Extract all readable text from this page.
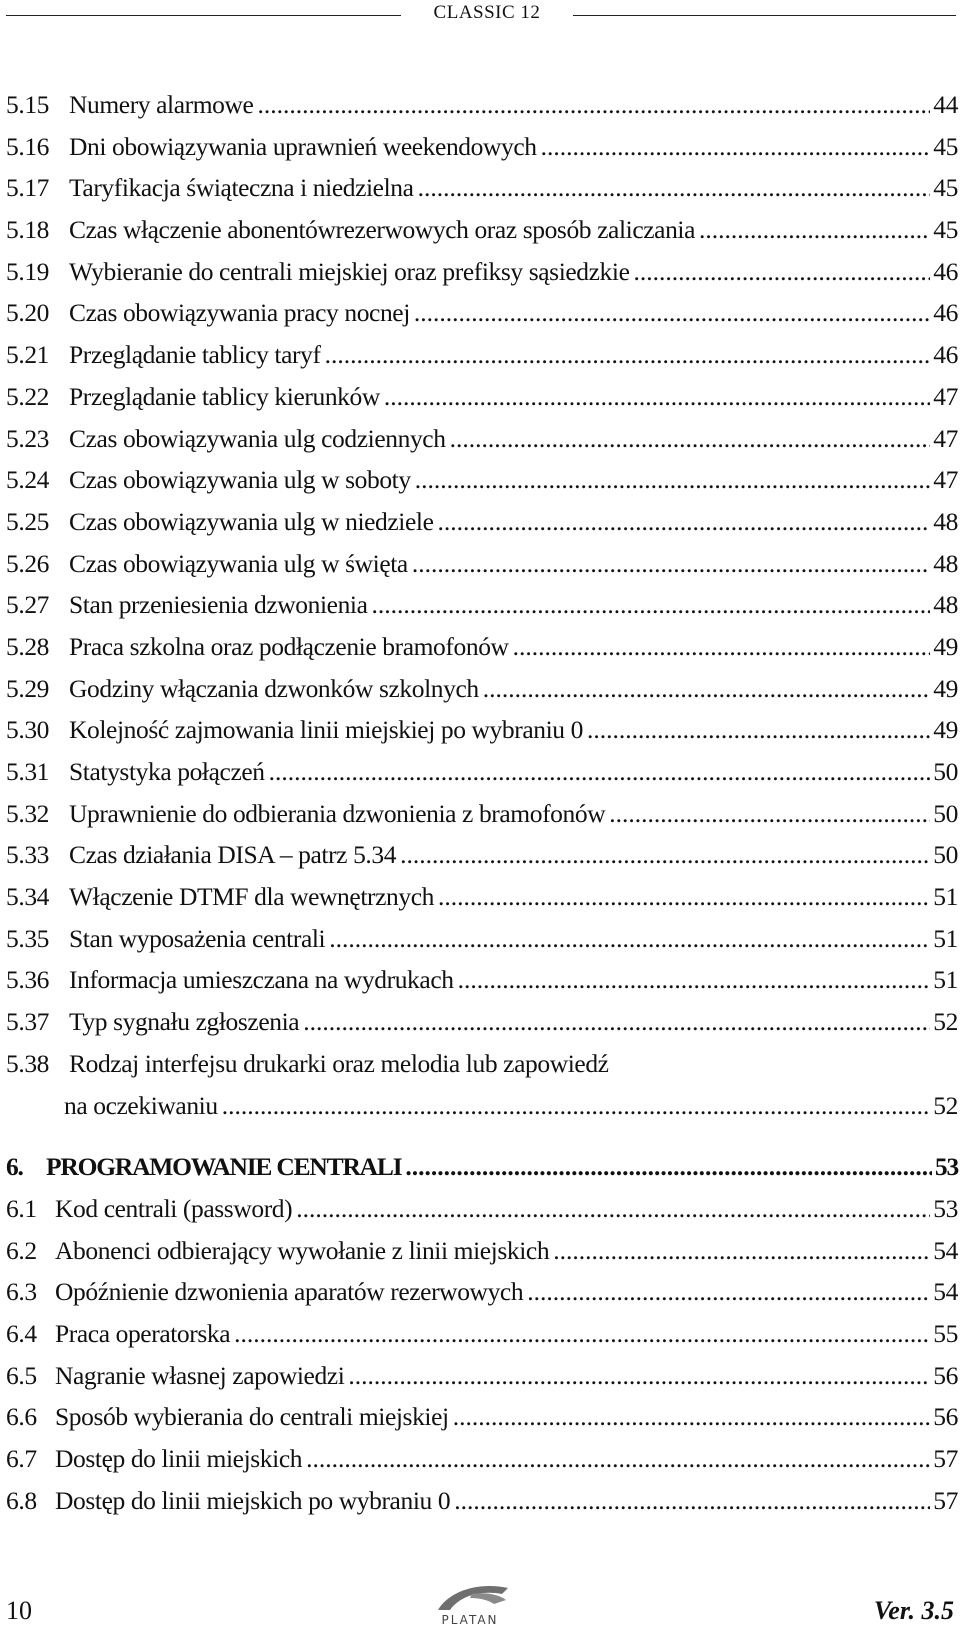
CLASSIC 12
5.15 Numery alarmowe .....	44
5.16 Dni obowiązywania uprawnień weekendowych .....	45
5.17 Taryfikacja świąteczna i niedzielna .....	45
5.18 Czas włączenie abonentówrezerwowych oraz sposób zaliczania .....	45
5.19 Wybieranie do centrali miejskiej oraz prefiksy sąsiedzkie .....	46
5.20 Czas obowiązywania pracy nocnej .....	46
5.21 Przeglądanie tablicy taryf .....	46
5.22 Przeglądanie tablicy kierunków .....	47
5.23 Czas obowiązywania ulg codziennych .....	47
5.24 Czas obowiązywania ulg w soboty .....	47
5.25 Czas obowiązywania ulg w niedziele .....	48
5.26 Czas obowiązywania ulg w święta .....	48
5.27 Stan przeniesienia dzwonienia .....	48
5.28 Praca szkolna oraz podłączenie bramofonów .....	49
5.29 Godziny włączania dzwonków szkolnych .....	49
5.30 Kolejność zajmowania linii miejskiej po wybraniu 0 .....	49
5.31 Statystyka połączeń .....	50
5.32 Uprawnienie do odbierania dzwonienia z bramofonów .....	50
5.33 Czas działania DISA – patrz 5.34 .....	50
5.34 Włączenie DTMF dla wewnętrznych .....	51
5.35 Stan wyposażenia centrali .....	51
5.36 Informacja umieszczana na wydrukach .....	51
5.37 Typ sygnału zgłoszenia .....	52
5.38 Rodzaj interfejsu drukarki oraz melodia lub zapowiedź
na oczekiwaniu .....	52
6. PROGRAMOWANIE CENTRALI .....	53
6.1 Kod centrali (password) .....	53
6.2 Abonenci odbierający wywołanie z linii miejskich .....	54
6.3 Opóźnienie dzwonienia aparatów rezerwowych .....	54
6.4 Praca operatorska .....	55
6.5 Nagranie własnej zapowiedzi .....	56
6.6 Sposób wybierania do centrali miejskiej .....	56
6.7 Dostęp do linii miejskich .....	57
6.8 Dostęp do linii miejskich po wybraniu 0 .....	57
10	PLATAN	Ver. 3.5
